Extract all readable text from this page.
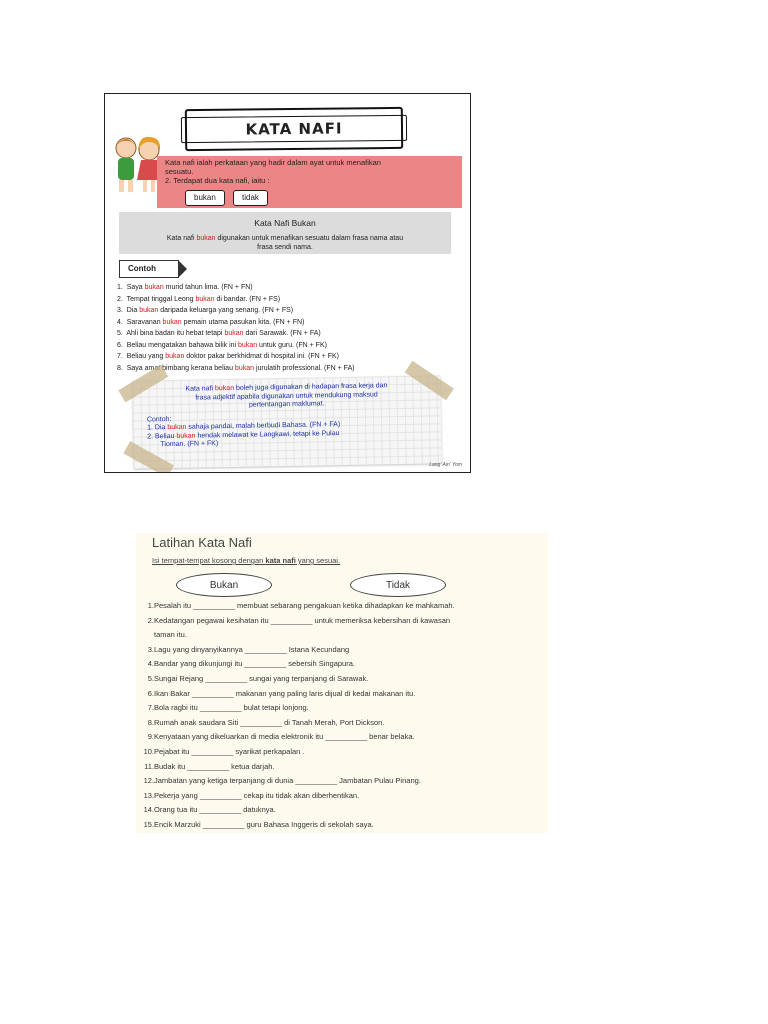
KATA NAFI
Kata nafi ialah perkataan yang hadir dalam ayat untuk menafikan
sesuatu.
2. Terdapat dua kata nafi, iaitu :
bukan	tidak
Kata Nafi Bukan
Kata nafi bukan digunakan untuk menafikan sesuatu dalam frasa nama atau
frasa sendi nama.
Contoh
1. Saya bukan murid tahun lima. (FN + FN)
2. Tempat tinggal Leong bukan di bandar. (FN + FS)
3. Dia bukan daripada keluarga yang senang. (FN + FS)
4. Saravanan bukan pemain utama pasukan kita. (FN + FN)
5. Ahli bina badan itu hebat tetapi bukan dari Sarawak. (FN + FA)
6. Beliau mengatakan bahawa bilik ini bukan untuk guru. (FN + FK)
7. Beliau yang bukan doktor pakar berkhidmat di hospital ini. (FN + FK)
8. Saya amat bimbang kerana beliau bukan jurulatih professional. (FN + FA)
Kata nafi bukan boleh juga digunakan di hadapan frasa kerja dan
frasa adjektif apabila digunakan untuk mendukung maksud
pertentangan maklumat.
Contoh:
1. Dia bukan sahaja pandai, malah berbudi Bahasa. (FN + FA)
2. Beliau bukan hendak melawat ke Langkawi, tetapi ke Pulau
Tioman. (FN + FK)
Lang' Ain' Yom
Latihan Kata Nafi
Isi tempat-tempat kosong dengan kata nafi yang sesuai.
Bukan	Tidak
1. Pesalah itu __________ membuat sebarang pengakuan ketika dihadapkan ke mahkamah.
2. Kedatangan pegawai kesihatan itu __________ untuk memeriksa kebersihan di kawasan
taman itu.
3. Lagu yang dinyanyikannya __________ Istana Kecundang
4. Bandar yang dikunjungi itu __________ sebersih Singapura.
5. Sungai Rejang __________ sungai yang terpanjang di Sarawak.
6. Ikan Bakar __________ makanan yang paling laris dijual di kedai makanan itu.
7. Bola ragbi itu __________ bulat tetapi lonjong.
8. Rumah anak saudara Siti __________ di Tanah Merah, Port Dickson.
9. Kenyataan yang dikeluarkan di media elektronik itu __________ benar belaka.
10. Pejabat itu __________ syarikat perkapalan .
11. Budak itu __________ ketua darjah.
12. Jambatan yang ketiga terpanjang di dunia __________ Jambatan Pulau Pinang.
13. Pekerja yang __________ cekap itu tidak akan diberhentikan.
14. Orang tua itu __________ datuknya.
15. Encik Marzuki __________ guru Bahasa Inggeris di sekolah saya.
